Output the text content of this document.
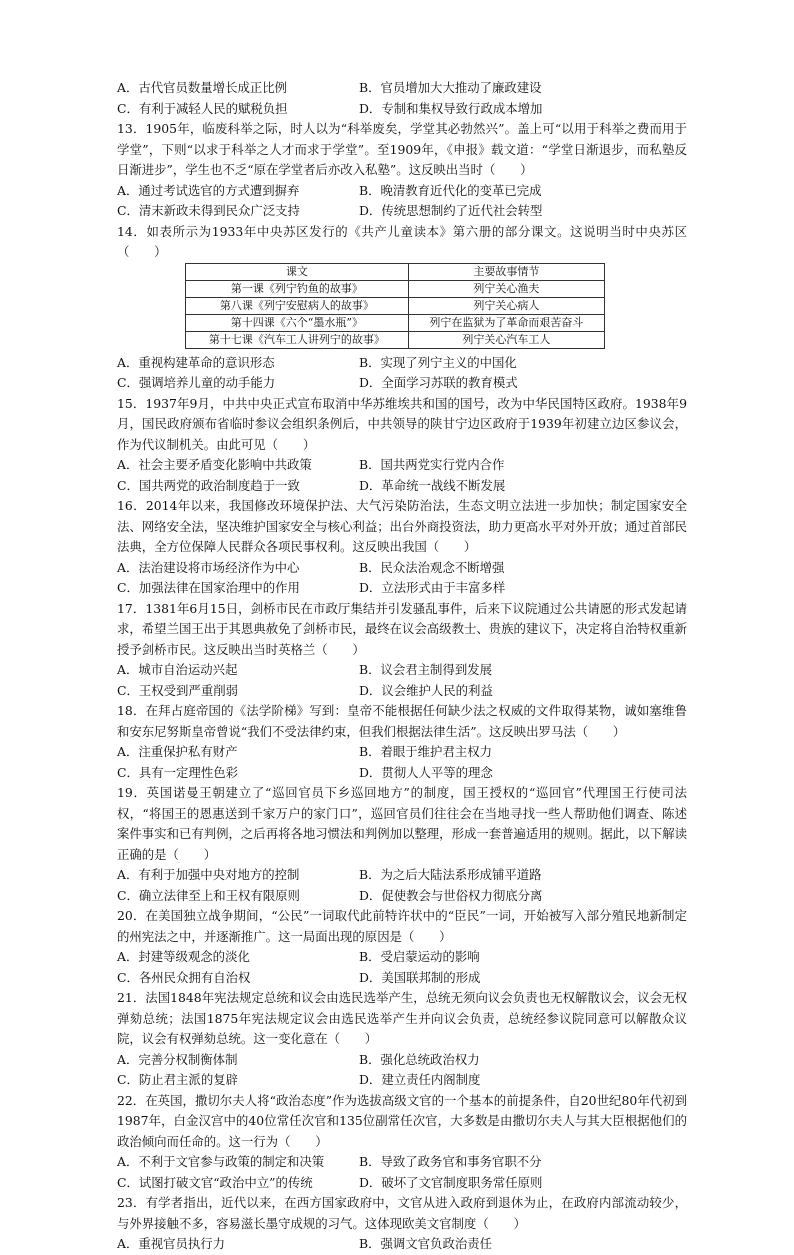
A．古代官员数量增长成正比例	B．官员增加大大推动了廉政建设
C．有利于减轻人民的赋税负担	D．专制和集权导致行政成本增加
13．1905年，临废科举之际，时人以为“科举废矣，学堂其必勃然兴”。盖上可“以用于科举之费而用于学堂”，下则“以求于科举之人才而求于学堂”。至1909年，《申报》载文道：“学堂日渐退步，而私塾反日渐进步”，学生也不乏“原在学堂者后亦改入私塾”。这反映出当时（　　）
A．通过考试选官的方式遭到摒弃	B．晚清教育近代化的变革已完成
C．清末新政未得到民众广泛支持	D．传统思想制约了近代社会转型
14．如表所示为1933年中央苏区发行的《共产儿童读本》第六册的部分课文。这说明当时中央苏区（　　）
课文	主要故事情节
第一课《列宁钓鱼的故事》	列宁关心渔夫
第八课《列宁安慰病人的故事》	列宁关心病人
第十四课《六个“墨水瓶”》	列宁在监狱为了革命而艰苦奋斗
第十七课《汽车工人讲列宁的故事》	列宁关心汽车工人
A．重视构建革命的意识形态	B．实现了列宁主义的中国化
C．强调培养儿童的动手能力	D．全面学习苏联的教育模式
15．1937年9月，中共中央正式宣布取消中华苏维埃共和国的国号，改为中华民国特区政府。1938年9月，国民政府颁布省临时参议会组织条例后，中共领导的陕甘宁边区政府于1939年初建立边区参议会，作为代议制机关。由此可见（　　）
A．社会主要矛盾变化影响中共政策	B．国共两党实行党内合作
C．国共两党的政治制度趋于一致	D．革命统一战线不断发展
16．2014年以来，我国修改环境保护法、大气污染防治法，生态文明立法进一步加快；制定国家安全法、网络安全法，坚决维护国家安全与核心利益；出台外商投资法，助力更高水平对外开放；通过首部民法典，全方位保障人民群众各项民事权利。这反映出我国（　　）
A．法治建设将市场经济作为中心	B．民众法治观念不断增强
C．加强法律在国家治理中的作用	D．立法形式由于丰富多样
17．1381年6月15日，剑桥市民在市政厅集结并引发骚乱事件，后来下议院通过公共请愿的形式发起请求，希望兰国王出于其恩典赦免了剑桥市民，最终在议会高级教士、贵族的建议下，决定将自治特权重新授予剑桥市民。这反映出当时英格兰（　　）
A．城市自治运动兴起	B．议会君主制得到发展
C．王权受到严重削弱	D．议会维护人民的利益
18．在拜占庭帝国的《法学阶梯》写到：皇帝不能根据任何缺少法之权威的文件取得某物，诚如塞维鲁和安东尼努斯皇帝曾说“我们不受法律约束，但我们根据法律生活”。这反映出罗马法（　　）
A．注重保护私有财产	B．着眼于维护君主权力
C．具有一定理性色彩	D．贯彻人人平等的理念
19．英国诺曼王朝建立了“巡回官员下乡巡回地方”的制度，国王授权的“巡回官”代理国王行使司法权，“将国王的恩惠送到千家万户的家门口”，巡回官员们往往会在当地寻找一些人帮助他们调查、陈述案件事实和已有判例，之后再将各地习惯法和判例加以整理，形成一套普遍适用的规则。据此，以下解读正确的是（　　）
A．有利于加强中央对地方的控制	B．为之后大陆法系形成铺平道路
C．确立法律至上和王权有限原则	D．促使教会与世俗权力彻底分离
20．在美国独立战争期间，“公民”一词取代此前特许状中的“臣民”一词，开始被写入部分殖民地新制定的州宪法之中，并逐渐推广。这一局面出现的原因是（　　）
A．封建等级观念的淡化	B．受启蒙运动的影响
C．各州民众拥有自治权	D．美国联邦制的形成
21．法国1848年宪法规定总统和议会由选民选举产生，总统无须向议会负责也无权解散议会，议会无权弹劾总统；法国1875年宪法规定议会由选民选举产生并向议会负责，总统经参议院同意可以解散众议院，议会有权弹劾总统。这一变化意在（　　）
A．完善分权制衡体制	B．强化总统政治权力
C．防止君主派的复辟	D．建立责任内阁制度
22．在英国，撒切尔夫人将“政治态度”作为选拔高级文官的一个基本的前提条件，自20世纪80年代初到1987年，白金汉宫中的40位常任次官和135位副常任次官，大多数是由撒切尔夫人与其大臣根据他们的政治倾向而任命的。这一行为（　　）
A．不利于文官参与政策的制定和决策	B．导致了政务官和事务官职不分
C．试图打破文官“政治中立”的传统	D．破坏了文官制度职务常任原则
23．有学者指出，近代以来，在西方国家政府中，文官从进入政府到退休为止，在政府内部流动较少，与外界接触不多，容易滋长墨守成规的习气。这体现欧美文官制度（　　）
A．重视官员执行力	B．强调文官负政治责任
